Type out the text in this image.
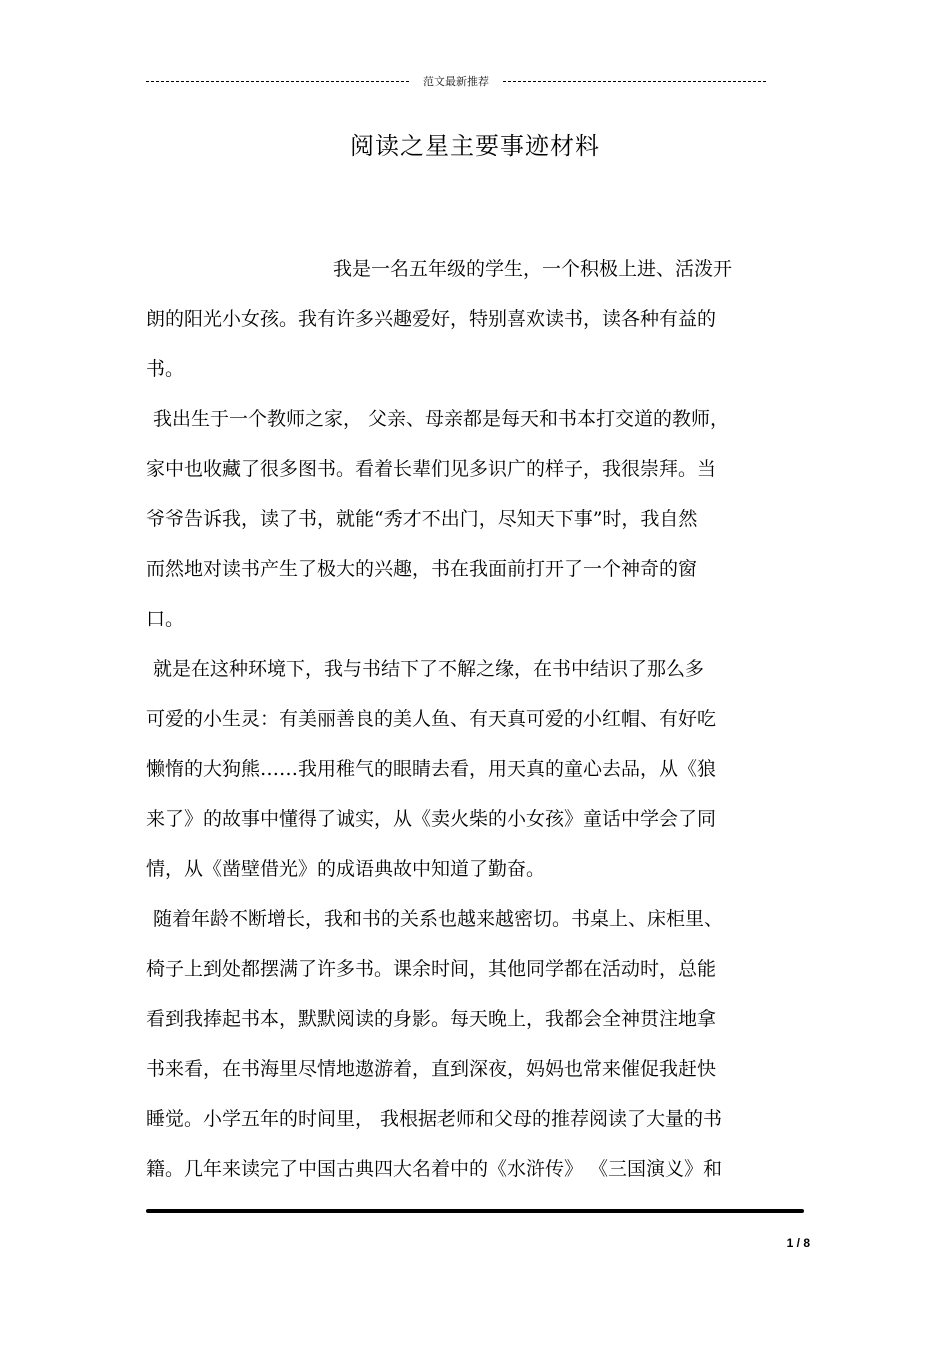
范文最新推荐
阅读之星主要事迹材料
我是一名五年级的学生，一个积极上进、活泼开
朗的阳光小女孩。我有许多兴趣爱好，特别喜欢读书，读各种有益的
书。
我出生于一个教师之家， 父亲、母亲都是每天和书本打交道的教师，
家中也收藏了很多图书。看着长辈们见多识广的样子，我很崇拜。当
爷爷告诉我，读了书，就能“秀才不出门，尽知天下事”时，我自然
而然地对读书产生了极大的兴趣，书在我面前打开了一个神奇的窗
口。
就是在这种环境下，我与书结下了不解之缘，在书中结识了那么多
可爱的小生灵：有美丽善良的美人鱼、有天真可爱的小红帽、有好吃
懒惰的大狗熊……我用稚气的眼睛去看，用天真的童心去品，从《狼
来了》的故事中懂得了诚实，从《卖火柴的小女孩》童话中学会了同
情，从《凿壁借光》的成语典故中知道了勤奋。
随着年龄不断增长，我和书的关系也越来越密切。书桌上、床柜里、
椅子上到处都摆满了许多书。课余时间，其他同学都在活动时，总能
看到我捧起书本，默默阅读的身影。每天晚上，我都会全神贯注地拿
书来看，在书海里尽情地遨游着，直到深夜，妈妈也常来催促我赶快
睡觉。小学五年的时间里， 我根据老师和父母的推荐阅读了大量的书
籍。几年来读完了中国古典四大名着中的《水浒传》 《三国演义》和
1 / 8
